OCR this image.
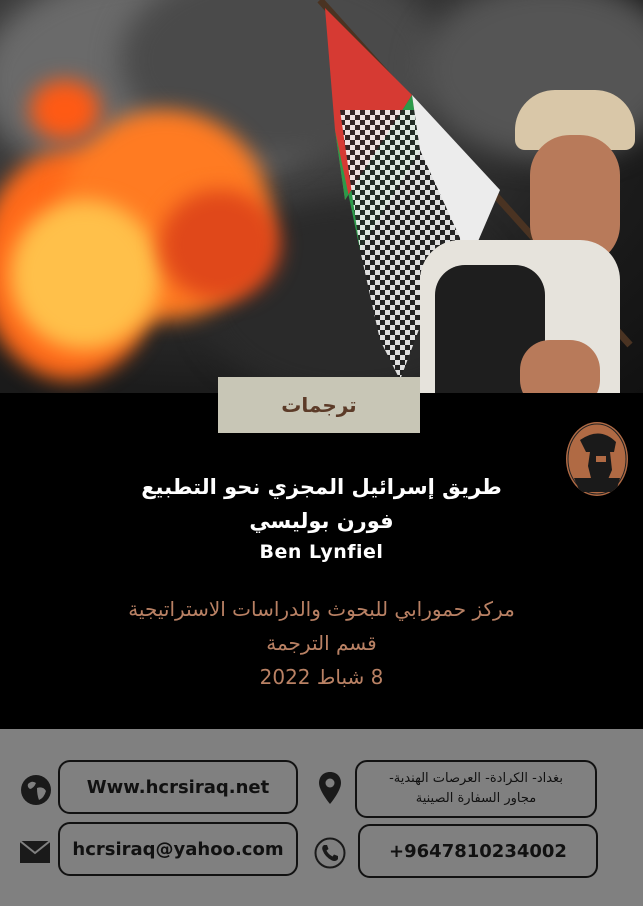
ترجمات
طريق إسرائيل المجزي نحو التطبيع
فورن بوليسي
Ben Lynfiel
مركز حمورابي للبحوث والدراسات الاستراتيجية
قسم الترجمة
8 شباط 2022
Www.hcrsiraq.net	بغداد- الكرادة- العرصات الهندية-
مجاور السفارة الصينية
hcrsiraq@yahoo.com	+9647810234002
